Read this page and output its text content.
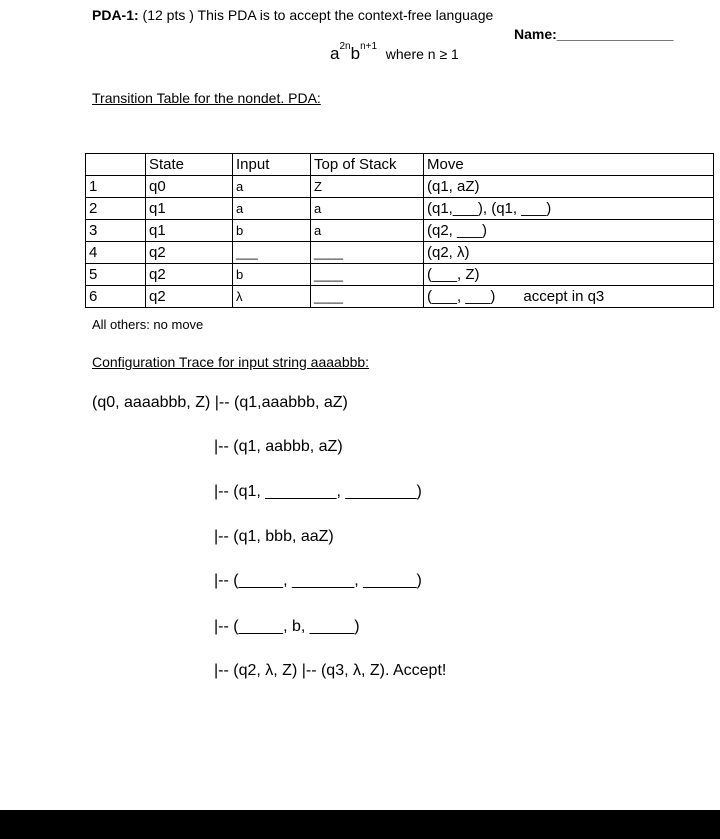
PDA-1: (12 pts ) This PDA is to accept the context-free language
Name:_______________
$a^{2n}b^{n+1}$ where n ≥ 1
Transition Table for the nondet. PDA:
	State	Input	Top of Stack	Move
1	q0	a	Z	(q1, aZ)
2	q1	a	a	(q1,___), (q1, ___)
3	q1	b	a	(q2, ___)
4	q2	___	____	(q2, λ)
5	q2	b	____	(___, Z)
6	q2	λ	____	(___, ___) accept in q3
All others: no move
Configuration Trace for input string aaaabbb:
(q0, aaaabbb, Z) |-- (q1,aaabbb, aZ)
|-- (q1, aabbb, aZ)
|-- (q1, ________, ________)
|-- (q1, bbb, aaZ)
|-- (_____, _______, ______)
|-- (_____, b, _____)
|-- (q2, λ, Z) |-- (q3, λ, Z). Accept!
